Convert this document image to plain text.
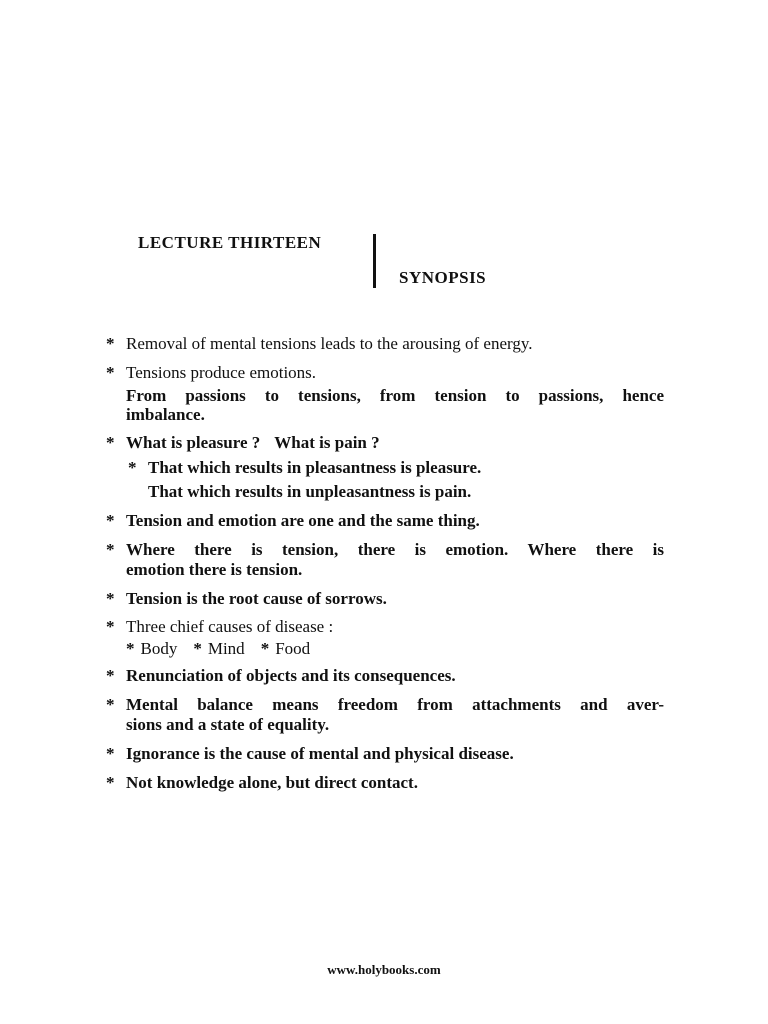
LECTURE THIRTEEN
SYNOPSIS
* Removal of mental tensions leads to the arousing of energy.
* Tensions produce emotions.
From passions to tensions, from tension to passions, hence
imbalance.
* What is pleasure ? What is pain ?
* That which results in pleasantness is pleasure.
That which results in unpleasantness is pain.
* Tension and emotion are one and the same thing.
* Where there is tension, there is emotion. Where there is
emotion there is tension.
* Tension is the root cause of sorrows.
* Three chief causes of disease :
* Body * Mind * Food
* Renunciation of objects and its consequences.
* Mental balance means freedom from attachments and aver-
sions and a state of equality.
* Ignorance is the cause of mental and physical disease.
* Not knowledge alone, but direct contact.
www.holybooks.com
